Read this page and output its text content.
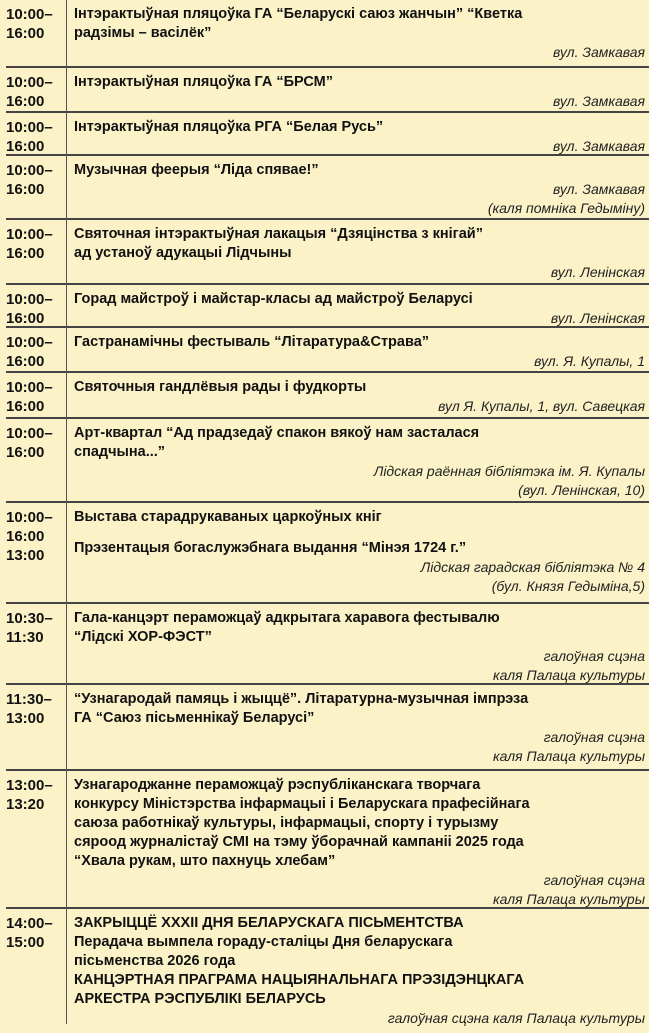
10:00–
16:00
Інтэрактыўная пляцоўка ГА “Беларускі саюз жанчын” “Кветка
радзімы – васілёк”
вул. Замкавая
10:00–
16:00
Інтэрактыўная пляцоўка ГА “БРСМ”
вул. Замкавая
10:00–
16:00
Інтэрактыўная пляцоўка РГА “Белая Русь”
вул. Замкавая
10:00–
16:00
Музычная феерыя “Ліда спявае!”
вул. Замкавая
(каля помніка Гедыміну)
10:00–
16:00
Святочная інтэрактыўная лакацыя “Дзяцінства з кнігай”
ад устаноў адукацыі Лідчыны
вул. Ленінская
10:00–
16:00
Горад майстроў і майстар-класы ад майстроў Беларусі
вул. Ленінская
10:00–
16:00
Гастранамічны фестываль “Літаратура&Страва”
вул. Я. Купалы, 1
10:00–
16:00
Святочныя гандлёвыя рады і фудкорты
вул Я. Купалы, 1, вул. Савецкая
10:00–
16:00
Арт-квартал “Ад прадзедаў спакон вякоў нам засталася
спадчына...”
Лідская раённая бібліятэка ім. Я. Купалы
(вул. Ленінская, 10)
10:00–
16:00
13:00
Выстава старадрукаваных царкоўных кніг
Прэзентацыя богаслужэбнага выдання “Мінэя 1724 г.”
Лідская гарадская бібліятэка № 4
(бул. Князя Гедыміна,5)
10:30–
11:30
Гала-канцэрт пераможцаў адкрытага харавога фестывалю
“Лідскі ХОР-ФЭСТ”
галоўная сцэна
каля Палаца культуры
11:30–
13:00
“Узнагародай памяць і жыццё”. Літаратурна-музычная імпрэза
ГА “Саюз пісьменнікаў Беларусі”
галоўная сцэна
каля Палаца культуры
13:00–
13:20
Узнагароджанне пераможцаў рэспубліканскага творчага
конкурсу Міністэрства інфармацыі і Беларускага прафесійнага
саюза работнікаў культуры, інфармацыі, спорту і турызму
сяроод журналістаў СМІ на тэму ўборачнай кампаніі 2025 года
“Хвала рукам, што пахнуць хлебам”
галоўная сцэна
каля Палаца культуры
14:00–
15:00
ЗАКРЫЦЦЁ XXXII ДНЯ БЕЛАРУСКАГА ПІСЬМЕНТСТВА
Перадача вымпела гораду-сталіцы Дня беларускага
пісьменства 2026 года
КАНЦЭРТНАЯ ПРАГРАМА НАЦЫЯНАЛЬНАГА ПРЭЗІДЭНЦКАГА
АРКЕСТРА РЭСПУБЛІКІ БЕЛАРУСЬ
галоўная сцэна каля Палаца культуры
